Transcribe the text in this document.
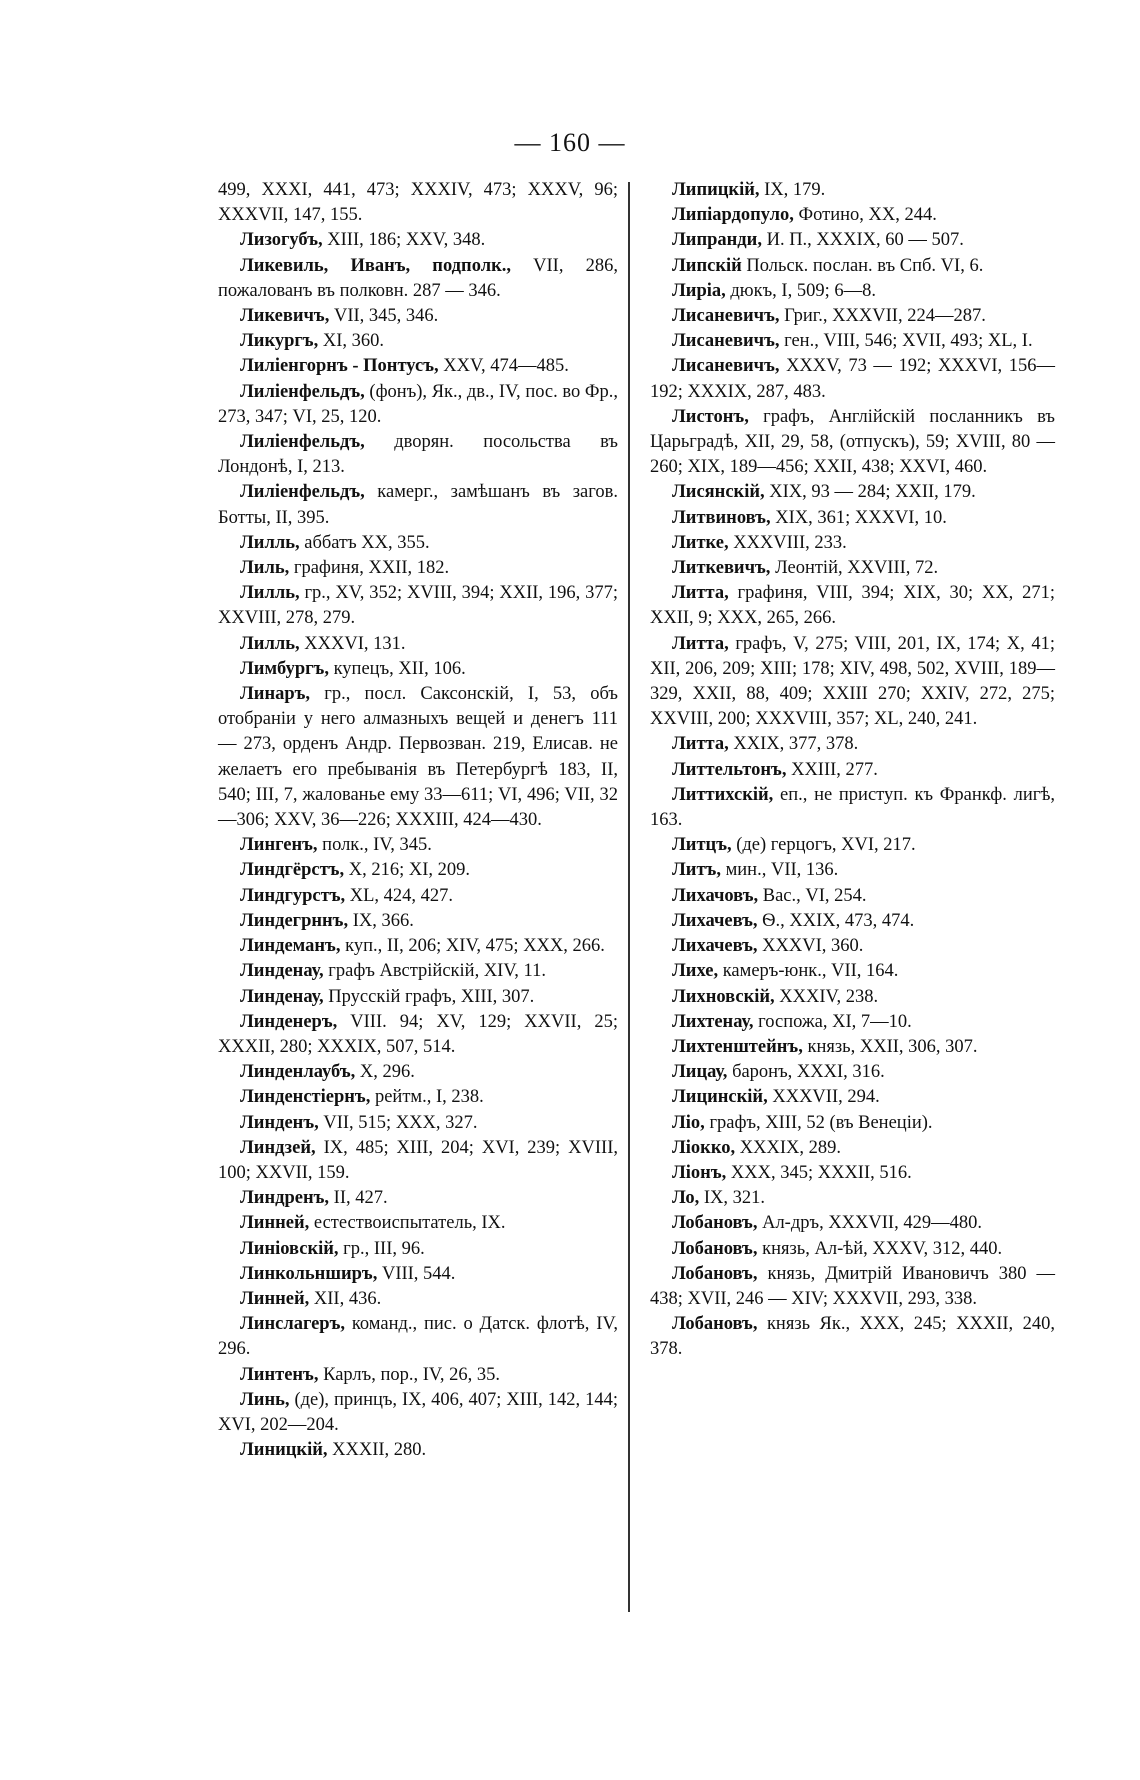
— 160 —

499, XXXI, 441, 473; XXXIV, 473; XXXV, 96; XXXVII, 147, 155.

Лизогубъ, XIII, 186; XXV, 348.

Ликевиль, Иванъ, подполк., VII, 286, пожалованъ въ полковн. 287 — 346.

Ликевичъ, VII, 345, 346.

Ликургъ, XI, 360.

Лилiенгорнъ - Понтусъ, XXV, 474—485.

Лилiенфельдъ, (фонъ), Як., дв., IV, пос. во Фр., 273, 347; VI, 25, 120.

Лилiенфельдъ, дворян. посольства въ Лондонѣ, I, 213.

Лилiенфельдъ, камерг., замѣшанъ въ загов. Ботты, II, 395.

Лилль, аббатъ XX, 355.

Лиль, графиня, XXII, 182.

Лилль, гр., XV, 352; XVIII, 394; XXII, 196, 377; XXVIII, 278, 279.

Лилль, XXXVI, 131.

Лимбургъ, купецъ, XII, 106.

Линаръ, гр., посл. Саксонскiй, I, 53, объ отобранiи у него алмазныхъ вещей и денегъ 111 — 273, орденъ Андр. Первозван. 219, Елисав. не желаетъ его пребыванiя въ Петербургѣ 183, II, 540; III, 7, жалованье ему 33—611; VI, 496; VII, 32—306; XXV, 36—226; XXXIII, 424—430.

Лингенъ, полк., IV, 345.

Линдгёрстъ, X, 216; XI, 209.

Линдгурстъ, XL, 424, 427.

Линдегрннъ, IX, 366.

Линдеманъ, куп., II, 206; XIV, 475; XXX, 266.

Линденау, графъ Австрiйскiй, XIV, 11.

Линденау, Прусскiй графъ, XIII, 307.

Линденеръ, VIII. 94; XV, 129; XXVII, 25; XXXII, 280; XXXIX, 507, 514.

Линденлаубъ, X, 296.

Линденстiернъ, рейтм., I, 238.

Линденъ, VII, 515; XXX, 327.

Линдзей, IX, 485; XIII, 204; XVI, 239; XVIII, 100; XXVII, 159.

Линдренъ, II, 427.

Линней, естествоиспытатель, IX.

Линiовскiй, гр., III, 96.

Линкольнширъ, VIII, 544.

Линней, XII, 436.

Линслагеръ, команд., пис. о Датск. флотѣ, IV, 296.

Линтенъ, Карлъ, пор., IV, 26, 35.

Линь, (де), принцъ, IX, 406, 407; XIII, 142, 144; XVI, 202—204.

Линицкiй, XXXII, 280.

Липицкiй, IX, 179.

Липiардопуло, Фотино, XX, 244.

Липранди, И. П., XXXIX, 60 — 507.

Липскiй Польск. послан. въ Спб. VI, 6.

Лирiа, дюкъ, I, 509; 6—8.

Лисаневичъ, Григ., XXXVII, 224—287.

Лисаневичъ, ген., VIII, 546; XVII, 493; XL, I.

Лисаневичъ, XXXV, 73 — 192; XXXVI, 156—192; XXXIX, 287, 483.

Листонъ, графъ, Англiйскiй посланникъ въ Царьградѣ, XII, 29, 58, (отпускъ), 59; XVIII, 80 — 260; XIX, 189—456; XXII, 438; XXVI, 460.

Лисянскiй, XIX, 93 — 284; XXII, 179.

Литвиновъ, XIX, 361; XXXVI, 10.

Литке, XXXVIII, 233.

Литкевичъ, Леонтiй, XXVIII, 72.

Литта, графиня, VIII, 394; XIX, 30; XX, 271; XXII, 9; XXX, 265, 266.

Литта, графъ, V, 275; VIII, 201, IX, 174; X, 41; XII, 206, 209; XIII; 178; XIV, 498, 502, XVIII, 189—329, XXII, 88, 409; XXIII 270; XXIV, 272, 275; XXVIII, 200; XXXVIII, 357; XL, 240, 241.

Литта, XXIX, 377, 378.

Литтельтонъ, XXIII, 277.

Литтихскiй, еп., не приступ. къ Франкф. лигѣ, 163.

Литцъ, (де) герцогъ, XVI, 217.

Литъ, мин., VII, 136.

Лихачовъ, Вас., VI, 254.

Лихачевъ, Ѳ., XXIX, 473, 474.

Лихачевъ, XXXVI, 360.

Лихе, камеръ-юнк., VII, 164.

Лихновскiй, XXXIV, 238.

Лихтенау, госпожа, XI, 7—10.

Лихтенштейнъ, князь, XXII, 306, 307.

Лицау, баронъ, XXXI, 316.

Лицинскiй, XXXVII, 294.

Лiо, графъ, XIII, 52 (въ Венецiи).

Лiокко, XXXIX, 289.

Лiонъ, XXX, 345; XXXII, 516.

Ло, IX, 321.

Лобановъ, Ал-дръ, XXXVII, 429—480.

Лобановъ, князь, Ал-ѣй, XXXV, 312, 440.

Лобановъ, князь, Дмитрiй Ивановичъ 380 — 438; XVII, 246 — XIV; XXXVII, 293, 338.

Лобановъ, князь Як., XXX, 245; XXXII, 240, 378.
